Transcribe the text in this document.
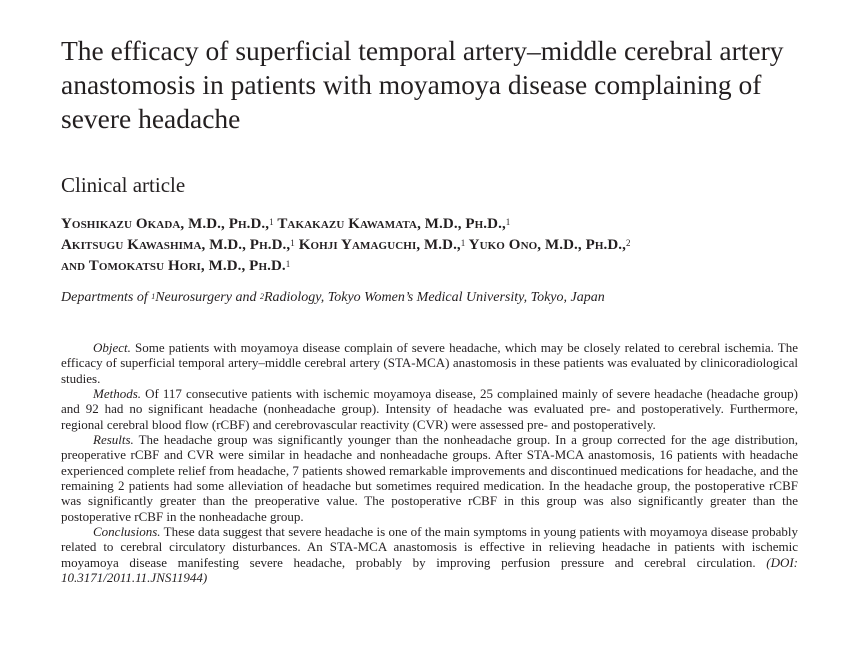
The efficacy of superficial temporal artery–middle cerebral artery anastomosis in patients with moyamoya disease complaining of severe headache
Clinical article
Yoshikazu Okada, M.D., Ph.D.,$^1$ Takakazu Kawamata, M.D., Ph.D.,$^1$
Akitsugu Kawashima, M.D., Ph.D.,$^1$ Kohji Yamaguchi, M.D.,$^1$ Yuko Ono, M.D., Ph.D.,$^2$
and Tomokatsu Hori, M.D., Ph.D.$^1$
Departments of $^1$Neurosurgery and $^2$Radiology, Tokyo Women’s Medical University, Tokyo, Japan

Object. Some patients with moyamoya disease complain of severe headache, which may be closely related to cerebral ischemia. The efficacy of superficial temporal artery–middle cerebral artery (STA-MCA) anastomosis in these patients was evaluated by clinicoradiological studies.

Methods. Of 117 consecutive patients with ischemic moyamoya disease, 25 complained mainly of severe headache (headache group) and 92 had no significant headache (nonheadache group). Intensity of headache was evaluated pre- and postoperatively. Furthermore, regional cerebral blood flow (rCBF) and cerebrovascular reactivity (CVR) were assessed pre- and postoperatively.

Results. The headache group was significantly younger than the nonheadache group. In a group corrected for the age distribution, preoperative rCBF and CVR were similar in headache and nonheadache groups. After STA-MCA anastomosis, 16 patients with headache experienced complete relief from headache, 7 patients showed remarkable improvements and discontinued medications for headache, and the remaining 2 patients had some alleviation of headache but sometimes required medication. In the headache group, the postoperative rCBF was significantly greater than the preoperative value. The postoperative rCBF in this group was also significantly greater than the postoperative rCBF in the nonheadache group.

Conclusions. These data suggest that severe headache is one of the main symptoms in young patients with moyamoya disease probably related to cerebral circulatory disturbances. An STA-MCA anastomosis is effective in relieving headache in patients with ischemic moyamoya disease manifesting severe headache, probably by improving perfusion pressure and cerebral circulation. (DOI: 10.3171/2011.11.JNS11944)
